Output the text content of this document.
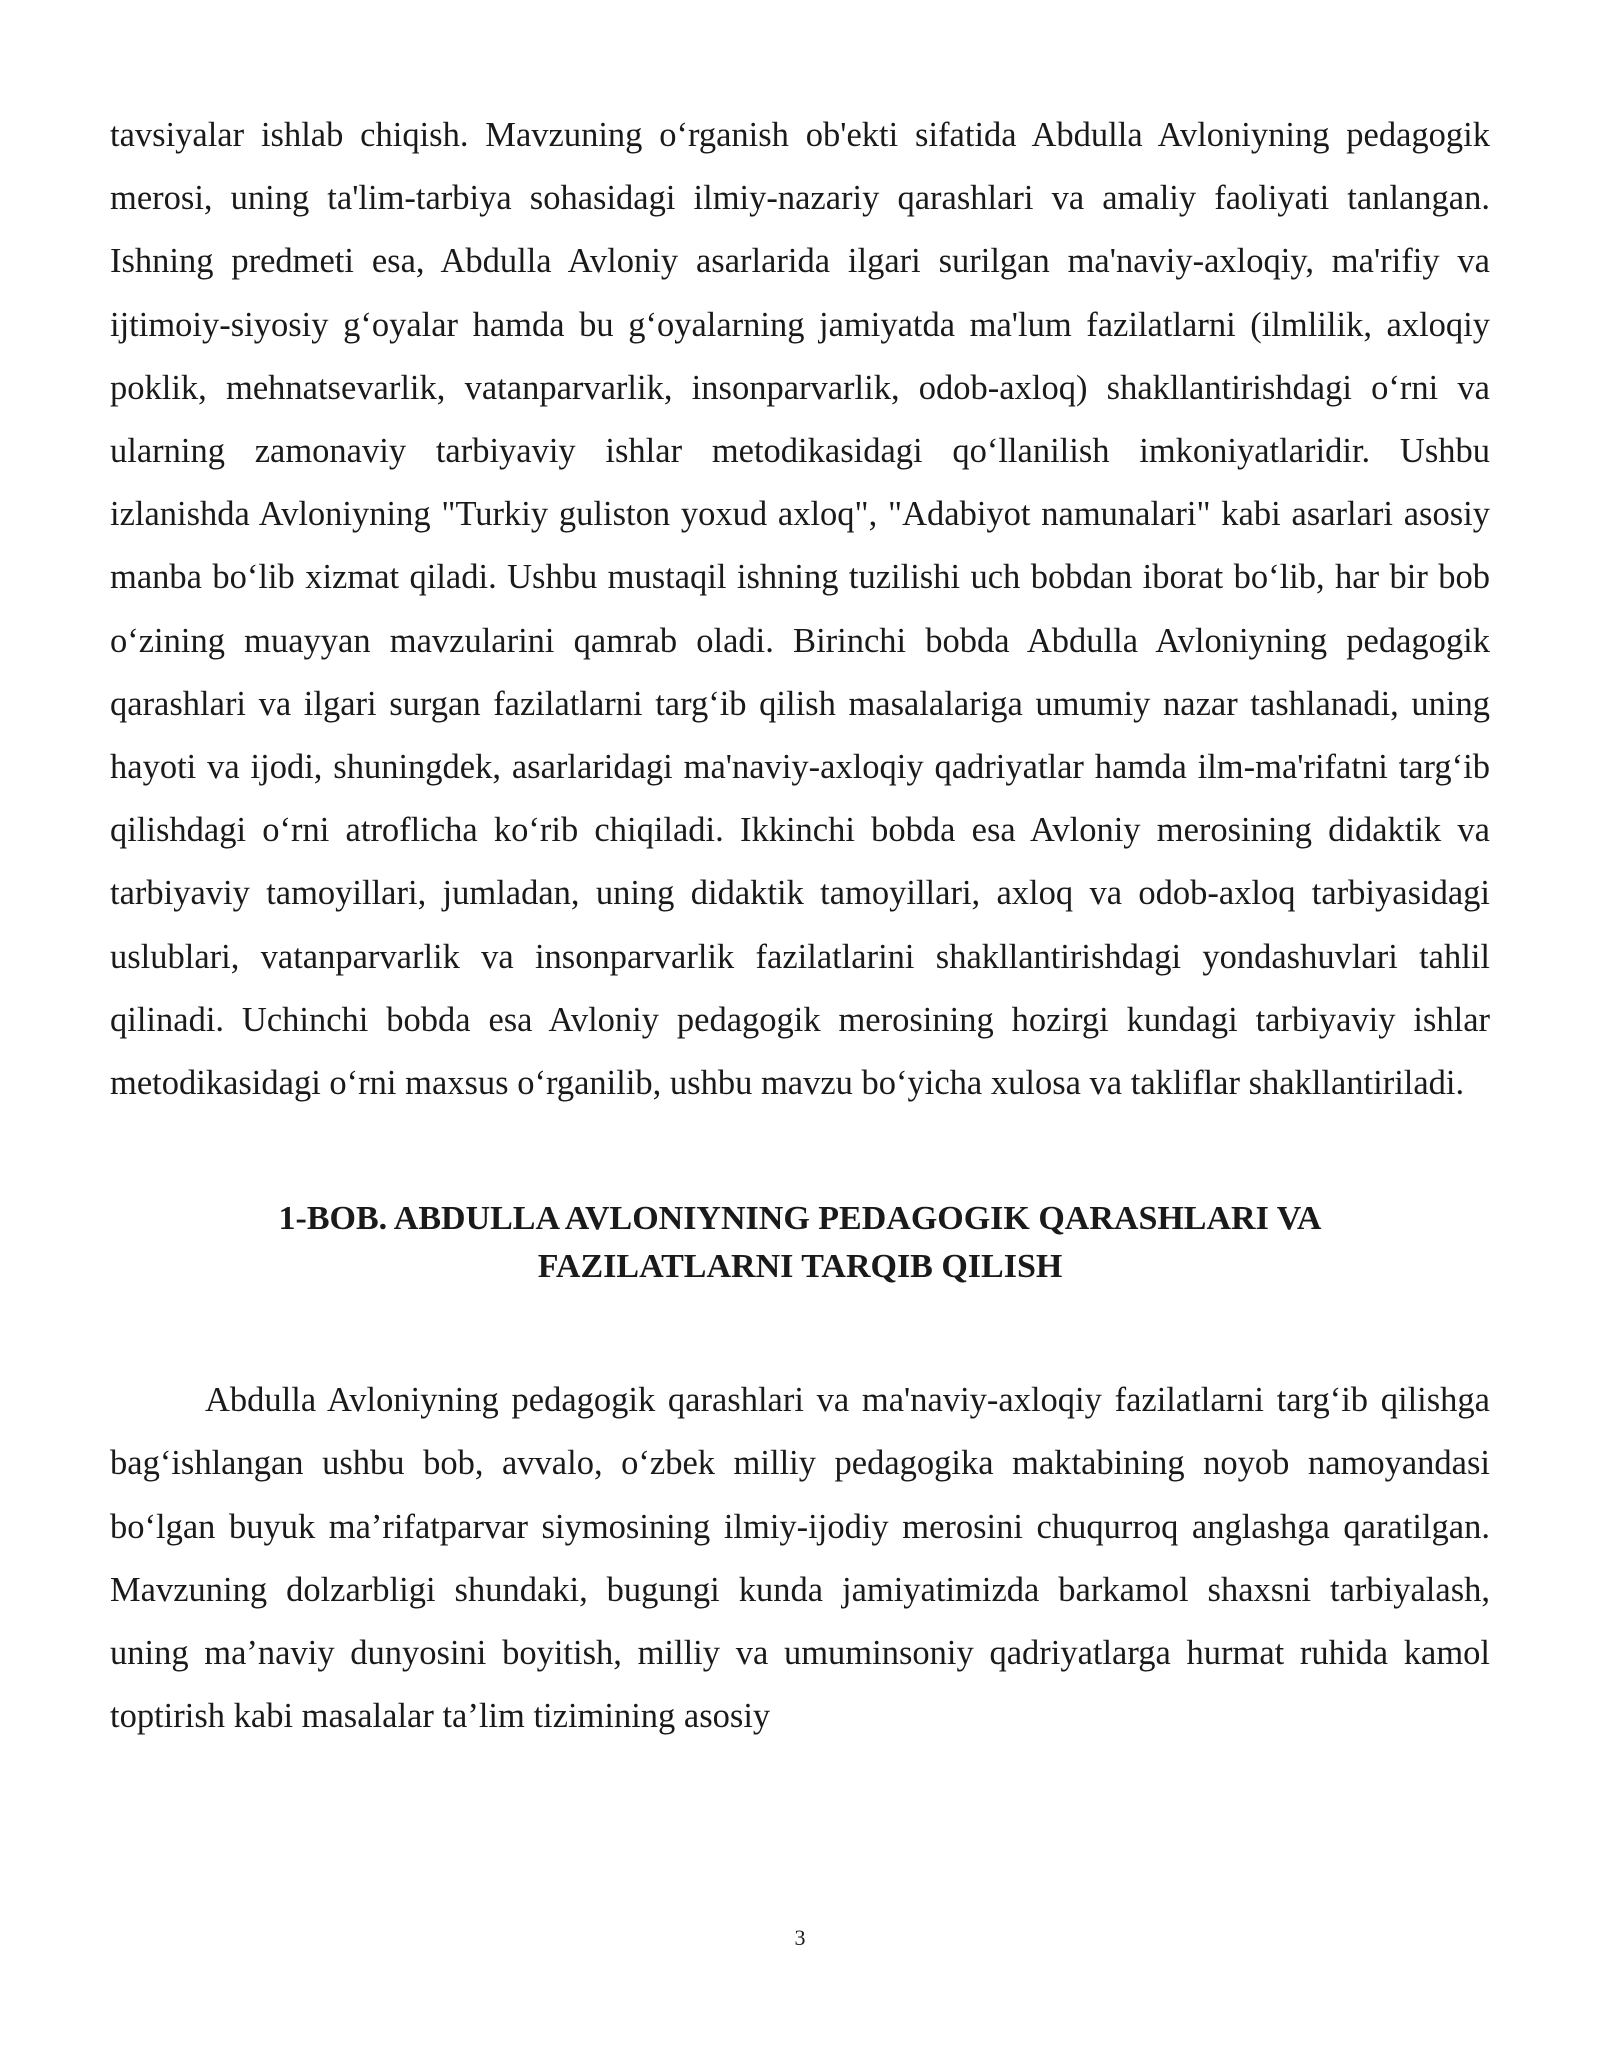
tavsiyalar ishlab chiqish. Mavzuning oʻrganish ob'ekti sifatida Abdulla Avloniyning pedagogik merosi, uning ta'lim-tarbiya sohasidagi ilmiy-nazariy qarashlari va amaliy faoliyati tanlangan. Ishning predmeti esa, Abdulla Avloniy asarlarida ilgari surilgan ma'naviy-axloqiy, ma'rifiy va ijtimoiy-siyosiy gʻoyalar hamda bu gʻoyalarning jamiyatda ma'lum fazilatlarni (ilmlilik, axloqiy poklik, mehnatsevarlik, vatanparvarlik, insonparvarlik, odob-axloq) shakllantirishdagi oʻrni va ularning zamonaviy tarbiyaviy ishlar metodikasidagi qoʻllanilish imkoniyatlaridir. Ushbu izlanishda Avloniyning "Turkiy guliston yoxud axloq", "Adabiyot namunalari" kabi asarlari asosiy manba boʻlib xizmat qiladi. Ushbu mustaqil ishning tuzilishi uch bobdan iborat boʻlib, har bir bob oʻzining muayyan mavzularini qamrab oladi. Birinchi bobda Abdulla Avloniyning pedagogik qarashlari va ilgari surgan fazilatlarni targʻib qilish masalalariga umumiy nazar tashlanadi, uning hayoti va ijodi, shuningdek, asarlaridagi ma'naviy-axloqiy qadriyatlar hamda ilm-ma'rifatni targʻib qilishdagi oʻrni atroflicha koʻrib chiqiladi. Ikkinchi bobda esa Avloniy merosining didaktik va tarbiyaviy tamoyillari, jumladan, uning didaktik tamoyillari, axloq va odob-axloq tarbiyasidagi uslublari, vatanparvarlik va insonparvarlik fazilatlarini shakllantirishdagi yondashuvlari tahlil qilinadi. Uchinchi bobda esa Avloniy pedagogik merosining hozirgi kundagi tarbiyaviy ishlar metodikasidagi oʻrni maxsus oʻrganilib, ushbu mavzu boʻyicha xulosa va takliflar shakllantiriladi.

1-BOB. ABDULLA AVLONIYNING PEDAGOGIK QARASHLARI VA
FAZILATLARNI TARQIB QILISH

Abdulla Avloniyning pedagogik qarashlari va ma'naviy-axloqiy fazilatlarni targʻib qilishga bagʻishlangan ushbu bob, avvalo, oʻzbek milliy pedagogika maktabining noyob namoyandasi boʻlgan buyuk ma’rifatparvar siymosining ilmiy-ijodiy merosini chuqurroq anglashga qaratilgan. Mavzuning dolzarbligi shundaki, bugungi kunda jamiyatimizda barkamol shaxsni tarbiyalash, uning ma’naviy dunyosini boyitish, milliy va umuminsoniy qadriyatlarga hurmat ruhida kamol toptirish kabi masalalar ta’lim tizimining asosiy

3
